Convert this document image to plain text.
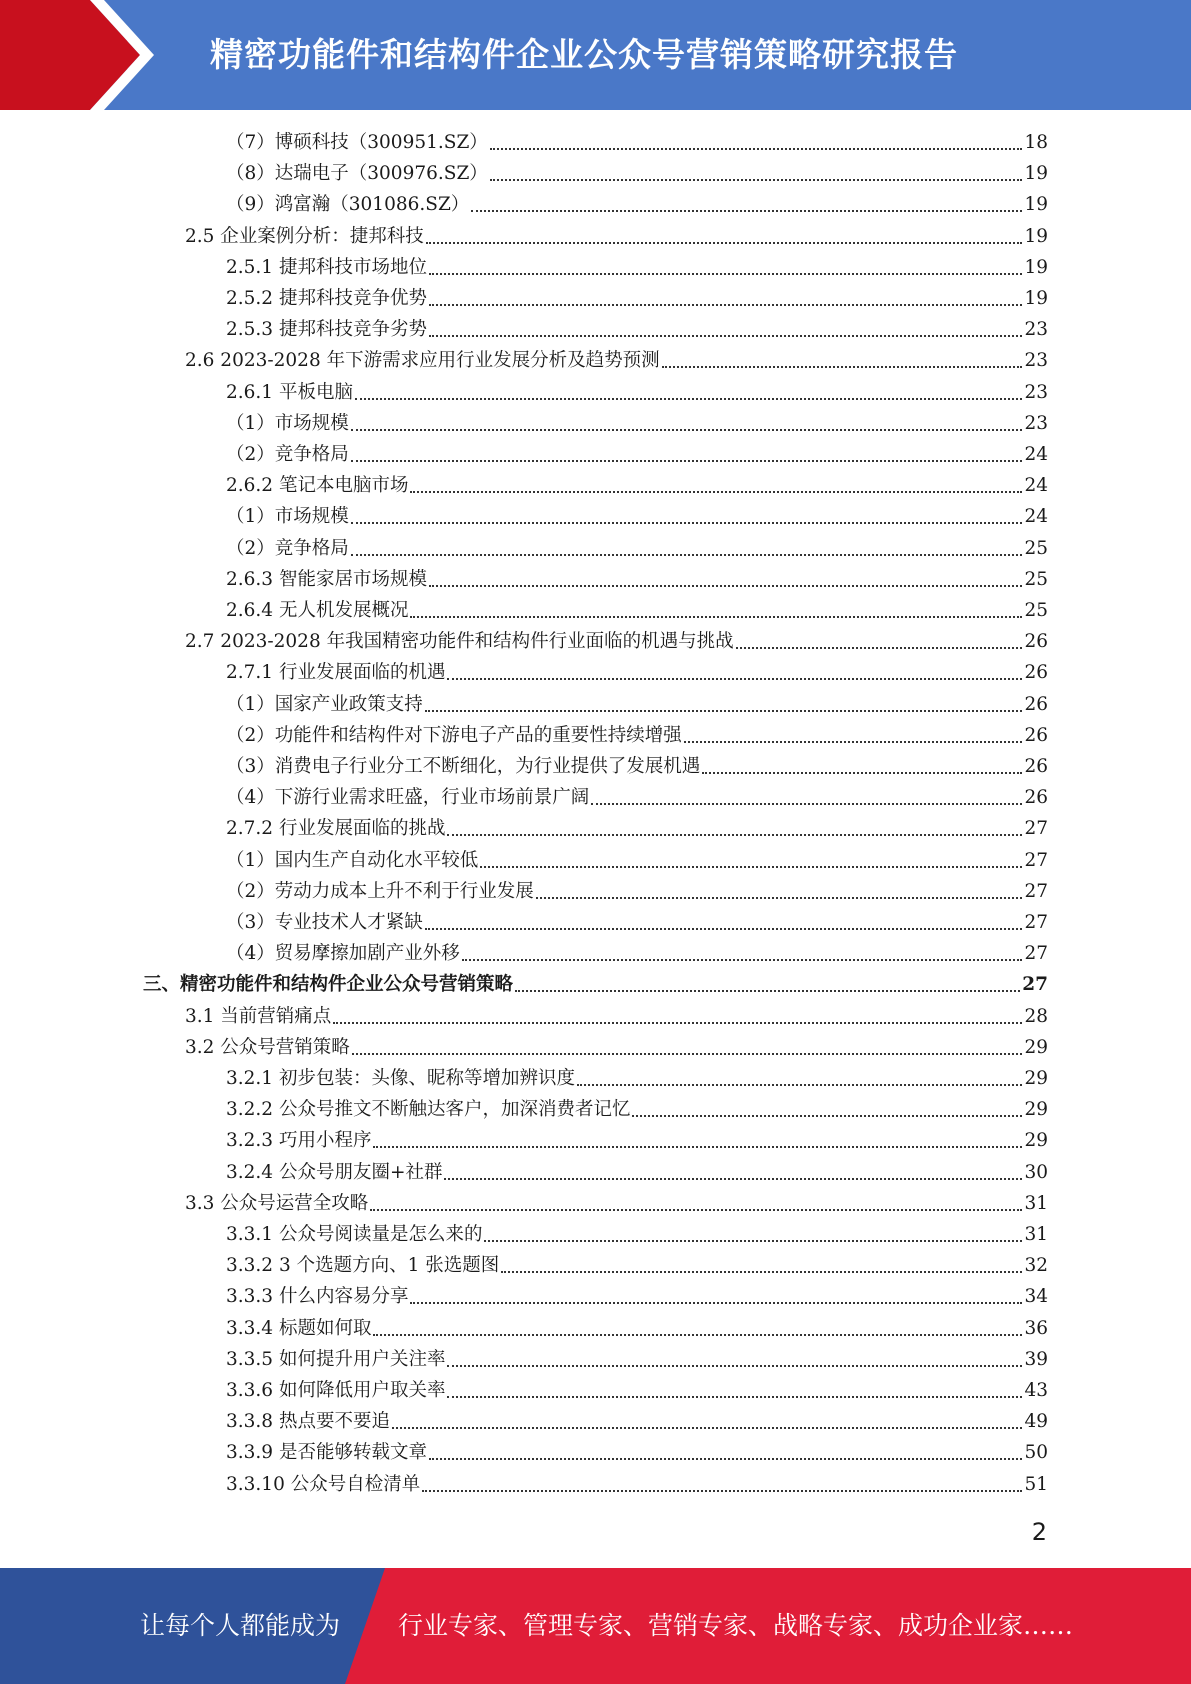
精密功能件和结构件企业公众号营销策略研究报告
（7）博硕科技（300951.SZ）	18
（8）达瑞电子（300976.SZ）	19
（9）鸿富瀚（301086.SZ）	19
2.5 企业案例分析：捷邦科技	19
2.5.1 捷邦科技市场地位	19
2.5.2 捷邦科技竞争优势	19
2.5.3 捷邦科技竞争劣势	23
2.6 2023-2028 年下游需求应用行业发展分析及趋势预测	23
2.6.1 平板电脑	23
（1）市场规模	23
（2）竞争格局	24
2.6.2 笔记本电脑市场	24
（1）市场规模	24
（2）竞争格局	25
2.6.3 智能家居市场规模	25
2.6.4 无人机发展概况	25
2.7 2023-2028 年我国精密功能件和结构件行业面临的机遇与挑战	26
2.7.1 行业发展面临的机遇	26
（1）国家产业政策支持	26
（2）功能件和结构件对下游电子产品的重要性持续增强	26
（3）消费电子行业分工不断细化，为行业提供了发展机遇	26
（4）下游行业需求旺盛，行业市场前景广阔	26
2.7.2 行业发展面临的挑战	27
（1）国内生产自动化水平较低	27
（2）劳动力成本上升不利于行业发展	27
（3）专业技术人才紧缺	27
（4）贸易摩擦加剧产业外移	27
三、精密功能件和结构件企业公众号营销策略	27
3.1 当前营销痛点	28
3.2 公众号营销策略	29
3.2.1 初步包装：头像、昵称等增加辨识度	29
3.2.2 公众号推文不断触达客户，加深消费者记忆	29
3.2.3 巧用小程序	29
3.2.4 公众号朋友圈+社群	30
3.3 公众号运营全攻略	31
3.3.1 公众号阅读量是怎么来的	31
3.3.2 3 个选题方向、1 张选题图	32
3.3.3 什么内容易分享	34
3.3.4 标题如何取	36
3.3.5 如何提升用户关注率	39
3.3.6 如何降低用户取关率	43
3.3.8 热点要不要追	49
3.3.9 是否能够转载文章	50
3.3.10 公众号自检清单	51
2
让每个人都能成为 行业专家、管理专家、营销专家、战略专家、成功企业家……
